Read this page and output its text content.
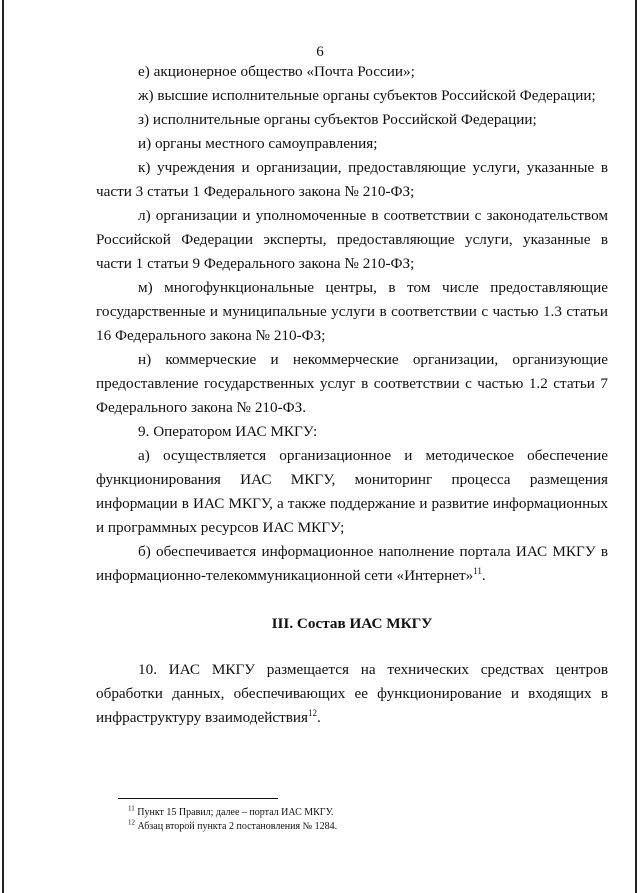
6

е) акционерное общество «Почта России»;

ж) высшие исполнительные органы субъектов Российской Федерации;

з) исполнительные органы субъектов Российской Федерации;

и) органы местного самоуправления;

к) учреждения и организации, предоставляющие услуги, указанные в части 3 статьи 1 Федерального закона № 210-ФЗ;

л) организации и уполномоченные в соответствии с законодательством Российской Федерации эксперты, предоставляющие услуги, указанные в части 1 статьи 9 Федерального закона № 210-ФЗ;

м) многофункциональные центры, в том числе предоставляющие государственные и муниципальные услуги в соответствии с частью 1.3 статьи 16 Федерального закона № 210-ФЗ;

н) коммерческие и некоммерческие организации, организующие предоставление государственных услуг в соответствии с частью 1.2 статьи 7 Федерального закона № 210-ФЗ.

9. Оператором ИАС МКГУ:

а) осуществляется организационное и методическое обеспечение функционирования ИАС МКГУ, мониторинг процесса размещения информации в ИАС МКГУ, а также поддержание и развитие информационных и программных ресурсов ИАС МКГУ;

б) обеспечивается информационное наполнение портала ИАС МКГУ в информационно-телекоммуникационной сети «Интернет»$^{11}$.

III. Состав ИАС МКГУ

10. ИАС МКГУ размещается на технических средствах центров обработки данных, обеспечивающих ее функционирование и входящих в инфраструктуру взаимодействия$^{12}$.

$^{11}$ Пункт 15 Правил; далее – портал ИАС МКГУ.
$^{12}$ Абзац второй пункта 2 постановления № 1284.
